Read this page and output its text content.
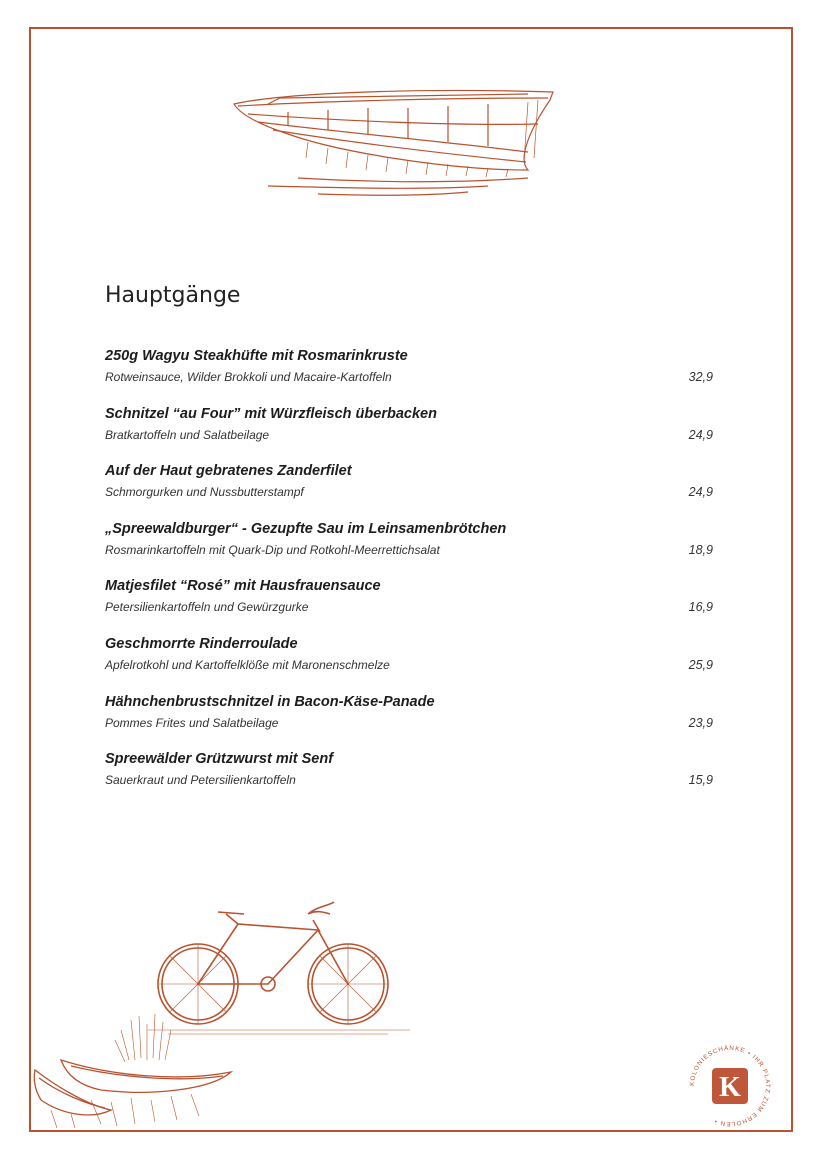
Hauptgänge
250g Wagyu Steakhüfte mit Rosmarinkruste
Rotweinsauce, Wilder Brokkoli und Macaire-Kartoffeln	32,9
Schnitzel “au Four” mit Würzfleisch überbacken
Bratkartoffeln und Salatbeilage	24,9
Auf der Haut gebratenes Zanderfilet
Schmorgurken und Nussbutterstampf	24,9
„Spreewaldburger“ - Gezupfte Sau im Leinsamenbrötchen
Rosmarinkartoffeln mit Quark-Dip und Rotkohl-Meerrettichsalat	18,9
Matjesfilet “Rosé” mit Hausfrauensauce
Petersilienkartoffeln und Gewürzgurke	16,9
Geschmorrte Rinderroulade
Apfelrotkohl und Kartoffelklöße mit Maronenschmelze	25,9
Hähnchenbrustschnitzel in Bacon-Käse-Panade
Pommes Frites und Salatbeilage	23,9
Spreewälder Grützwurst mit Senf
Sauerkraut und Petersilienkartoffeln	15,9
KOLONIESCHÄNKE • IHR PLATZ ZUM ERHOLEN •
K
